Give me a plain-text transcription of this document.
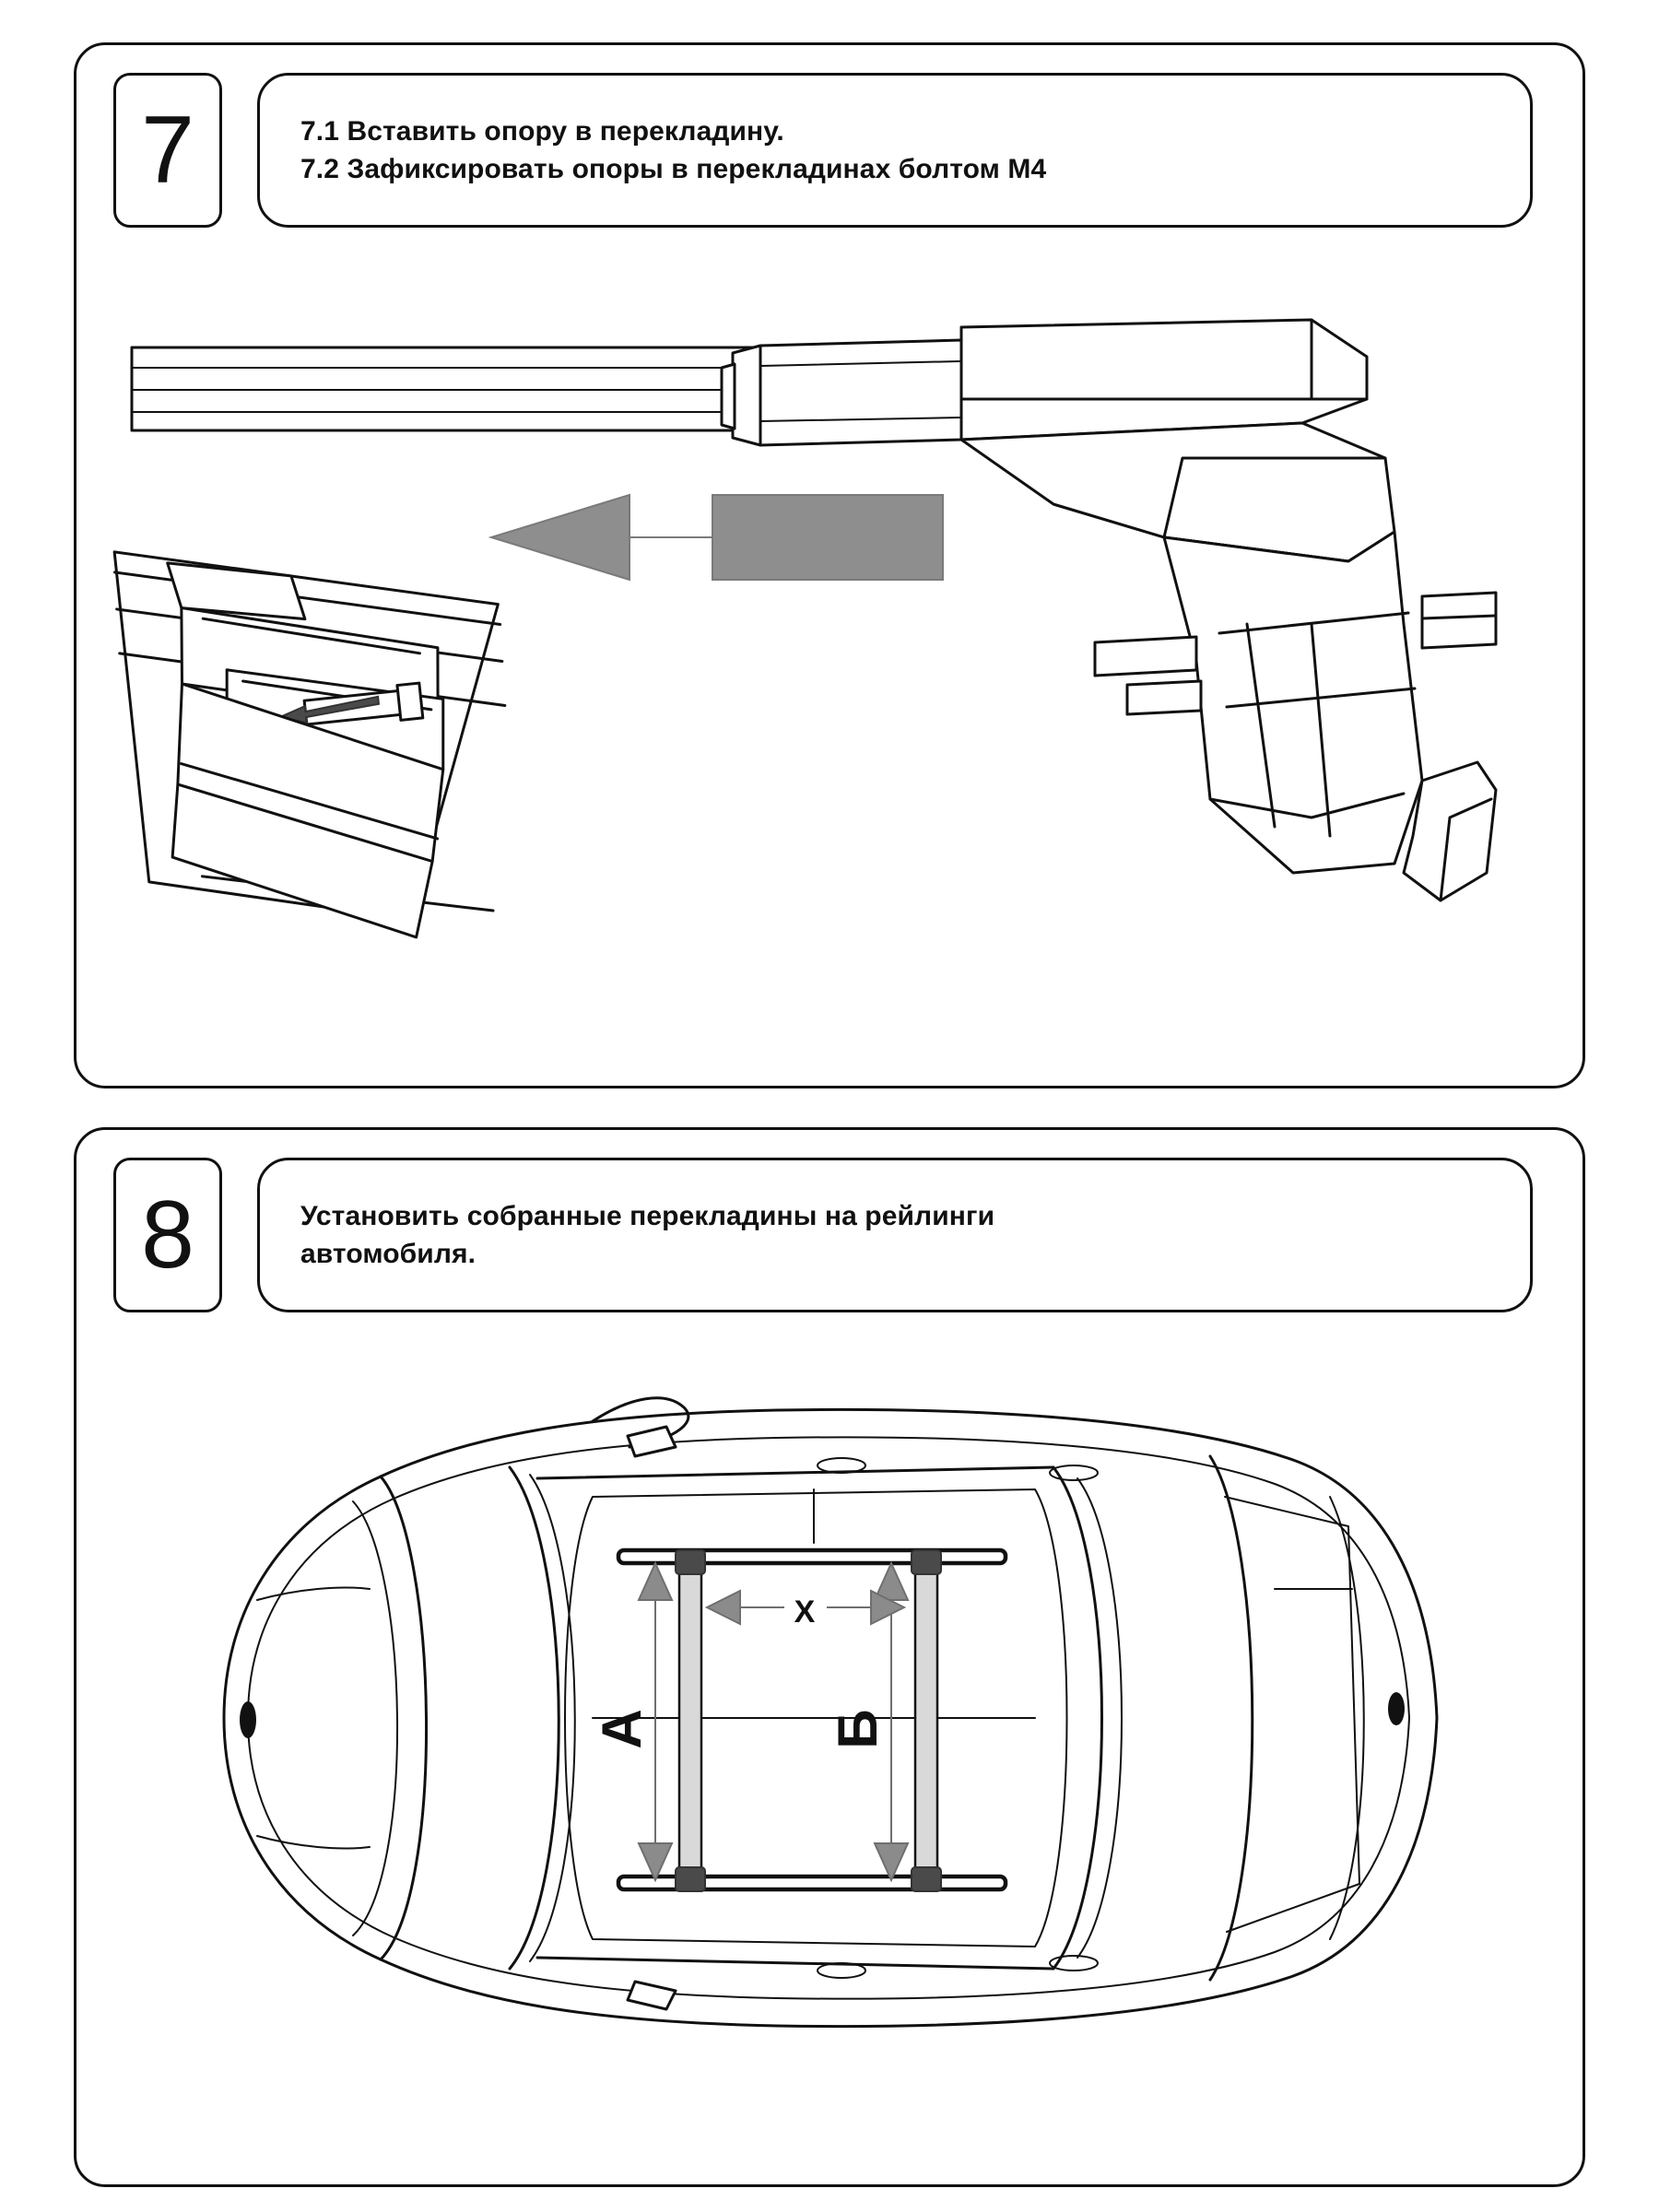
7	7.1 Вставить опору в перекладину.
7.2 Зафиксировать опоры в перекладинах болтом М4
8	Установить собранные перекладины на рейлинги
автомобиля.
А	Б
X
